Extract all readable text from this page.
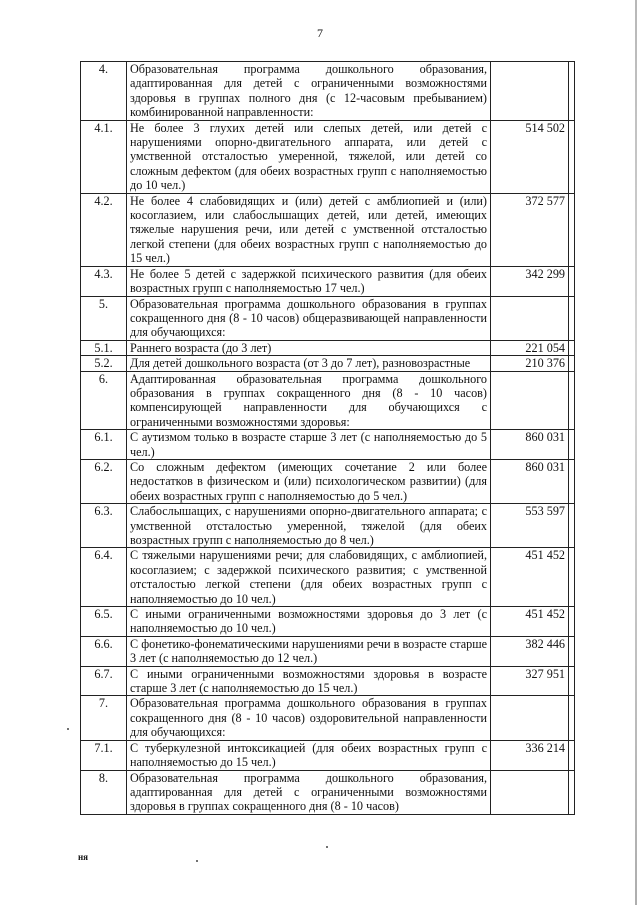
7
4.	Образовательная программа дошкольного образования, адаптированная для детей с ограниченными возможностями здоровья в группах полного дня (с 12-часовым пребыванием) комбинированной направленности:		
4.1.	Не более 3 глухих детей или слепых детей, или детей с нарушениями опорно-двигательного аппарата, или детей с умственной отсталостью умеренной, тяжелой, или детей со сложным дефектом (для обеих возрастных групп с наполняемостью до 10 чел.)	514 502	
4.2.	Не более 4 слабовидящих и (или) детей с амблиопией и (или) косоглазием, или слабослышащих детей, или детей, имеющих тяжелые нарушения речи, или детей с умственной отсталостью легкой степени (для обеих возрастных групп с наполняемостью до 15 чел.)	372 577	
4.3.	Не более 5 детей с задержкой психического развития (для обеих возрастных групп с наполняемостью 17 чел.)	342 299	
5.	Образовательная программа дошкольного образования в группах сокращенного дня (8 - 10 часов) общеразвивающей направленности для обучающихся:		
5.1.	Раннего возраста (до 3 лет)	221 054	
5.2.	Для детей дошкольного возраста (от 3 до 7 лет), разновозрастные	210 376	
6.	Адаптированная образовательная программа дошкольного образования в группах сокращенного дня (8 - 10 часов) компенсирующей направленности для обучающихся с ограниченными возможностями здоровья:		
6.1.	С аутизмом только в возрасте старше 3 лет (с наполняемостью до 5 чел.)	860 031	
6.2.	Со сложным дефектом (имеющих сочетание 2 или более недостатков в физическом и (или) психологическом развитии) (для обеих возрастных групп с наполняемостью до 5 чел.)	860 031	
6.3.	Слабослышащих, с нарушениями опорно-двигательного аппарата; с умственной отсталостью умеренной, тяжелой (для обеих возрастных групп с наполняемостью до 8 чел.)	553 597	
6.4.	С тяжелыми нарушениями речи; для слабовидящих, с амблиопией, косоглазием; с задержкой психического развития; с умственной отсталостью легкой степени (для обеих возрастных групп с наполняемостью до 10 чел.)	451 452	
6.5.	С иными ограниченными возможностями здоровья до 3 лет (с наполняемостью до 10 чел.)	451 452	
6.6.	С фонетико-фонематическими нарушениями речи в возрасте старше 3 лет (с наполняемостью до 12 чел.)	382 446	
6.7.	С иными ограниченными возможностями здоровья в возрасте старше 3 лет (с наполняемостью до 15 чел.)	327 951	
7.	Образовательная программа дошкольного образования в группах сокращенного дня (8 - 10 часов) оздоровительной направленности для обучающихся:		
7.1.	С туберкулезной интоксикацией (для обеих возрастных групп с наполняемостью до 15 чел.)	336 214	
8.	Образовательная программа дошкольного образования, адаптированная для детей с ограниченными возможностями здоровья в группах сокращенного дня (8 - 10 часов)		
ня
